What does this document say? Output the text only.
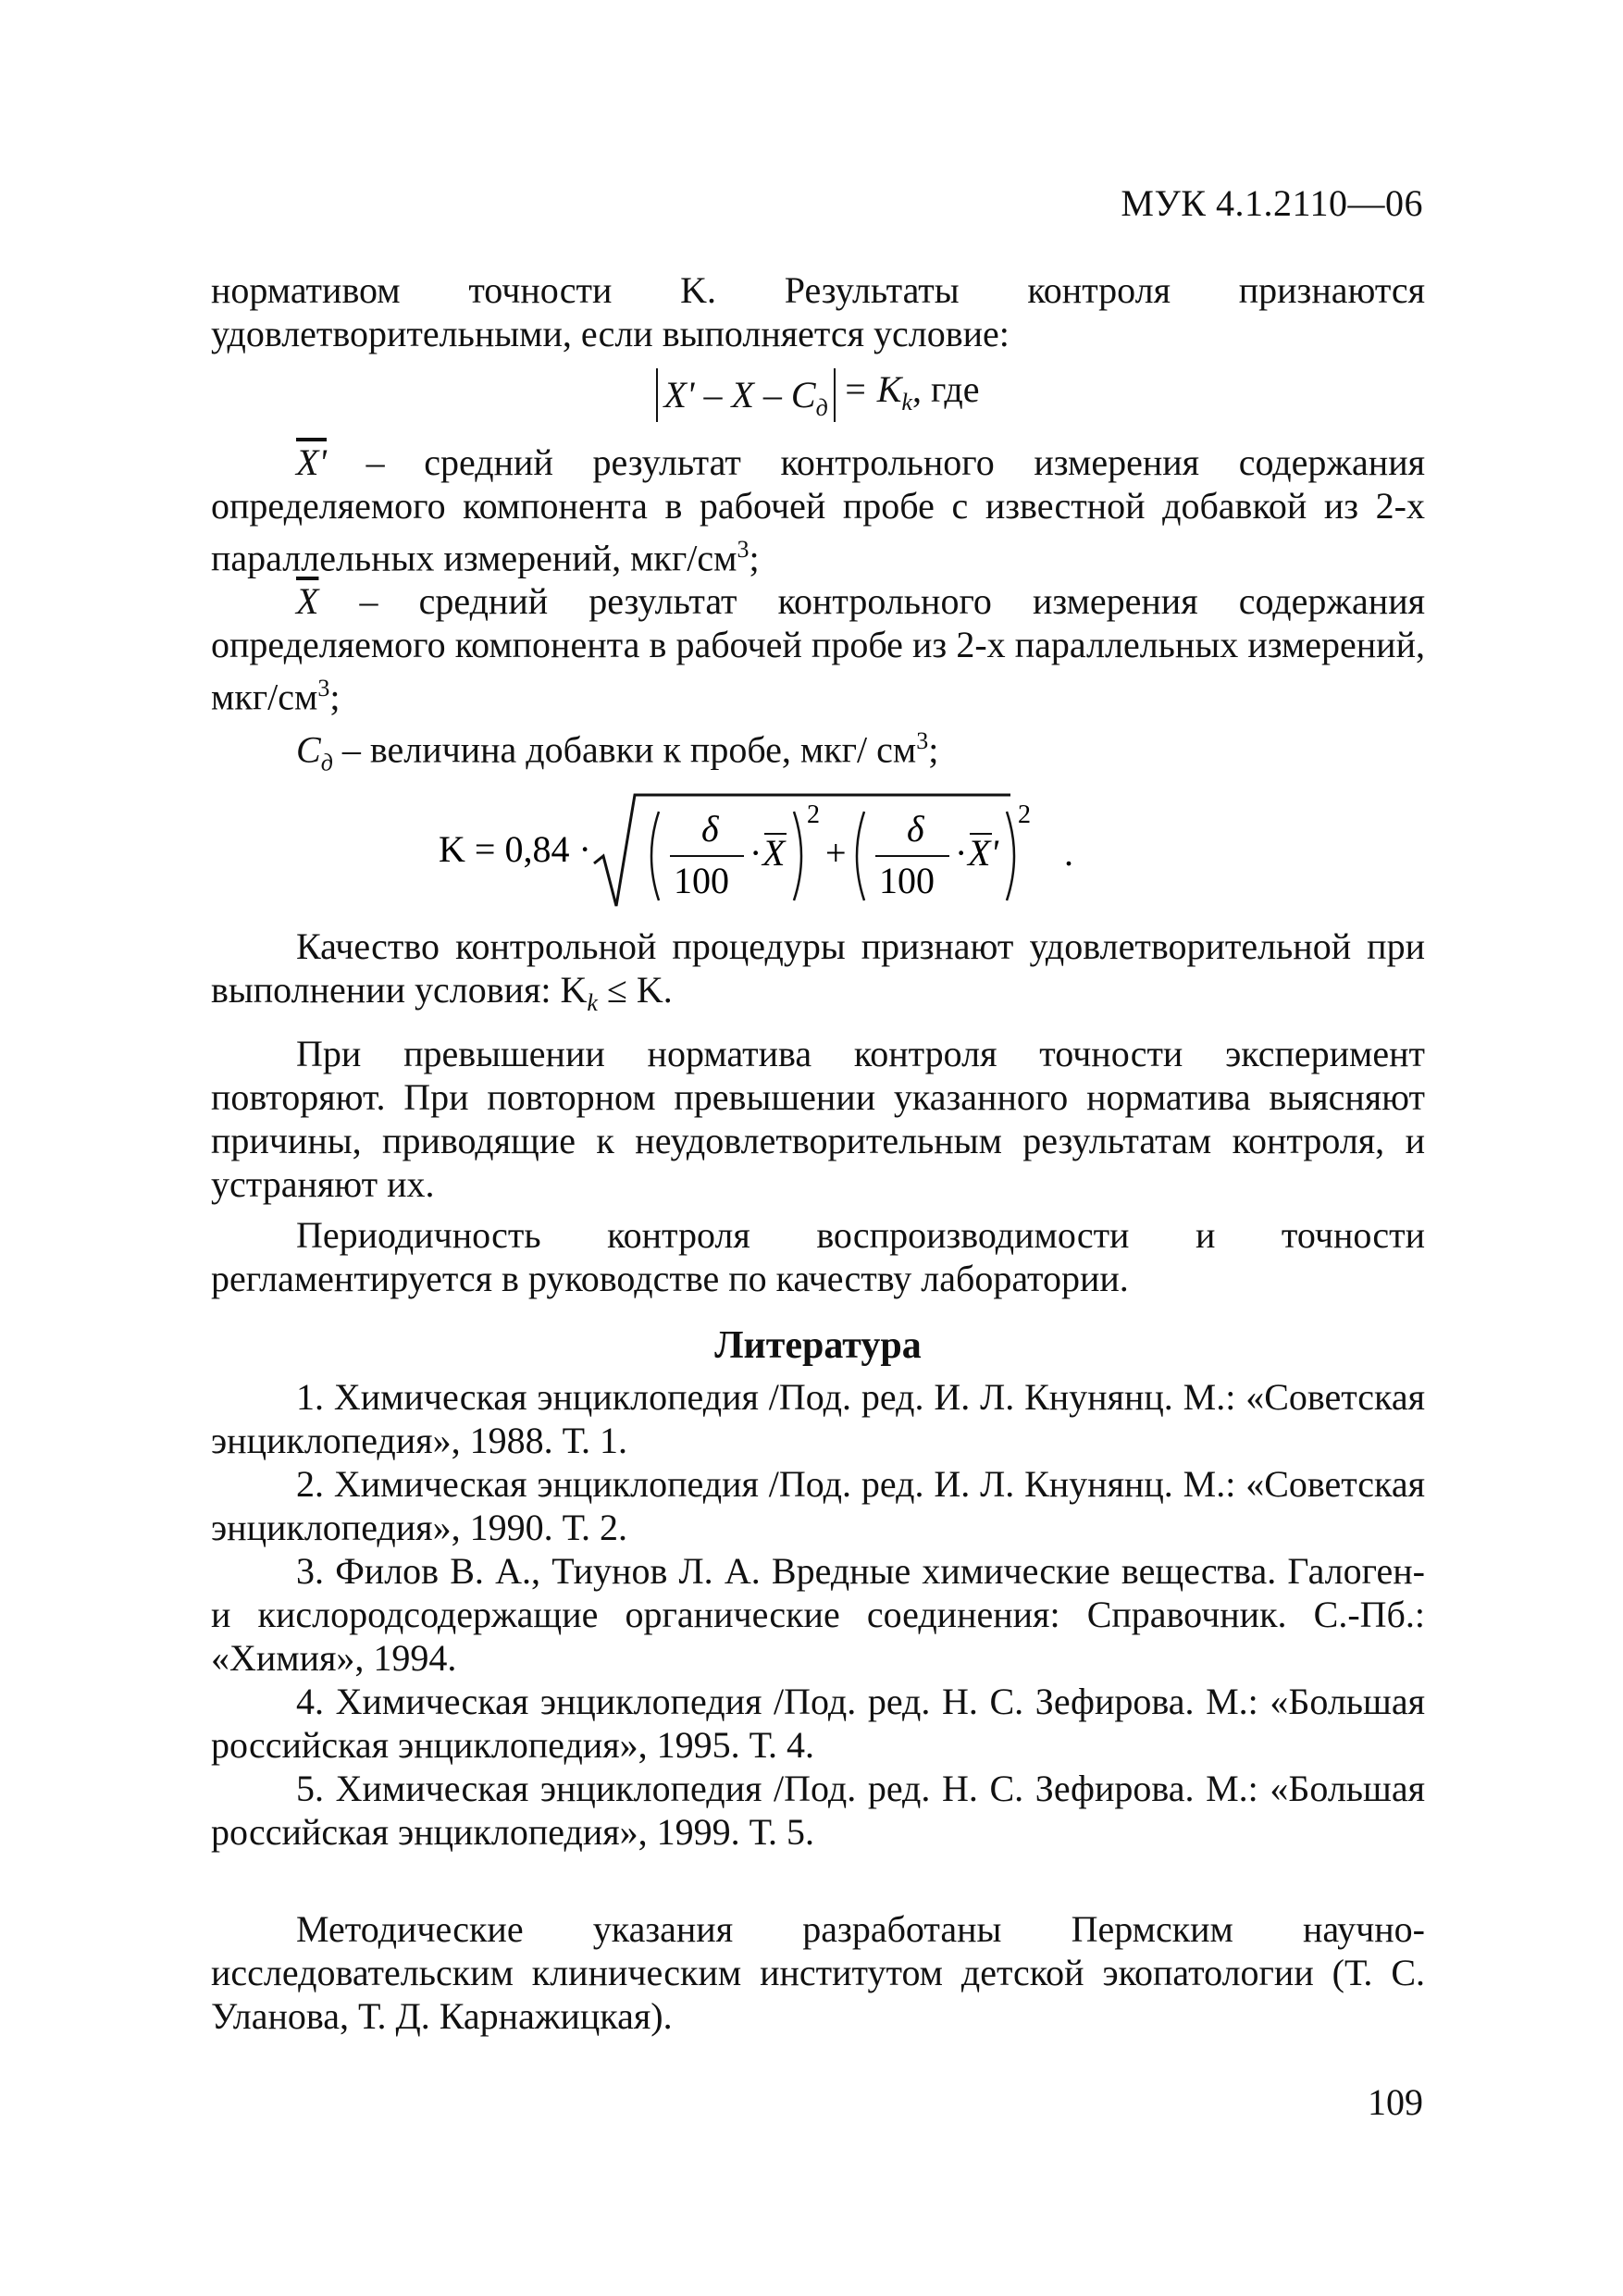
МУК 4.1.2110—06

нормативом точности K. Результаты контроля признаются удовлетворительными, если выполняется условие:

$X' - X - C_д = K_k$, где

X' – средний результат контрольного измерения содержания определяемого компонента в рабочей пробе с известной добавкой из 2-х параллельных измерений, мкг/$см^3$;

$\overline{X}$ – средний результат контрольного измерения содержания определяемого компонента в рабочей пробе из 2-х параллельных измерений, мкг/$см^3$;

$C_д$ – величина добавки к пробе, мкг/ $см^3$;

K = 0,84 ·	δ
100
· X
2
+
δ
100
· X'
2
.

Качество контрольной процедуры признают удовлетворительной при выполнении условия: $K_k \le K$.

При превышении норматива контроля точности эксперимент повторяют. При повторном превышении указанного норматива выясняют причины, приводящие к неудовлетворительным результатам контроля, и устраняют их.

Периодичность контроля воспроизводимости и точности регламентируется в руководстве по качеству лаборатории.

Литература

1. Химическая энциклопедия /Под. ред. И. Л. Кнунянц. М.: «Советская энциклопедия», 1988. Т. 1.

2. Химическая энциклопедия /Под. ред. И. Л. Кнунянц. М.: «Советская энциклопедия», 1990. Т. 2.

3. Филов В. А., Тиунов Л. А. Вредные химические вещества. Галоген- и кислородсодержащие органические соединения: Справочник. С.-Пб.: «Химия», 1994.

4. Химическая энциклопедия /Под. ред. Н. С. Зефирова. М.: «Большая российская энциклопедия», 1995. Т. 4.

5. Химическая энциклопедия /Под. ред. Н. С. Зефирова. М.: «Большая российская энциклопедия», 1999. Т. 5.

Методические указания разработаны Пермским научно-исследовательским клиническим институтом детской экопатологии (Т. С. Уланова, Т. Д. Карнажицкая).

109
